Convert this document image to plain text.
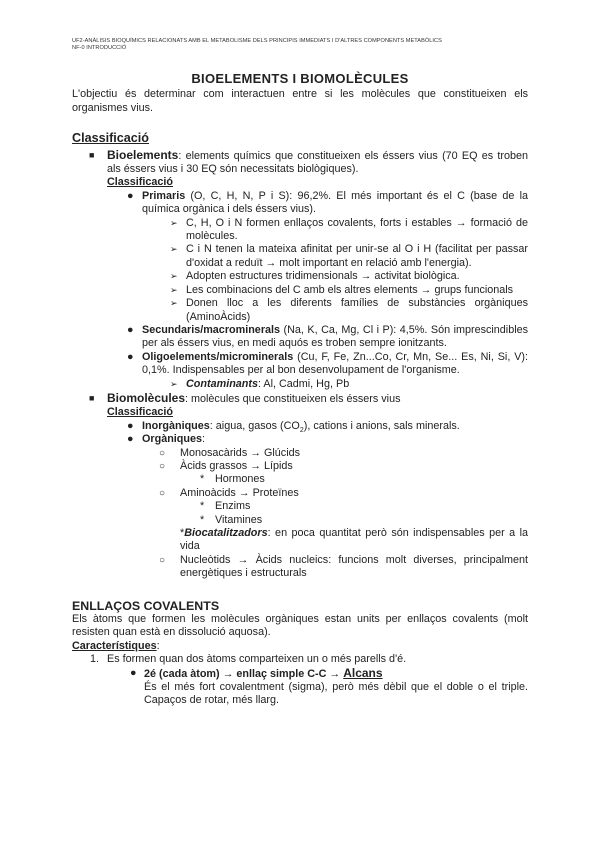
UF2-ANÀLISIS BIOQUÍMICS RELACIONATS AMB EL METABOLISME DELS PRINCIPIS IMMEDIATS I D'ALTRES COMPONENTS METABÒLICS
NF-0 INTRODUCCIÓ
BIOELEMENTS I BIOMOLÈCULES
L'objectiu és determinar com interactuen entre si les molècules que constitueixen els organismes vius.
Classificació
■ Bioelements: elements químics que constitueixen els éssers vius (70 EQ es troben als éssers vius i 30 EQ són necessitats biològiques).
Classificació
● Primaris (O, C, H, N, P i S): 96,2%. El més important és el C (base de la química orgànica i dels éssers vius).
➢ C, H, O i N formen enllaços covalents, forts i estables → formació de molècules.
➢ C i N tenen la mateixa afinitat per unir-se al O i H (facilitat per passar d'oxidat a reduït → molt important en relació amb l'energia).
➢ Adopten estructures tridimensionals → activitat biològica.
➢ Les combinacions del C amb els altres elements → grups funcionals
➢ Donen lloc a les diferents famílies de substàncies orgàniques (AminoÀcids)
● Secundaris/macrominerals (Na, K, Ca, Mg, Cl i P): 4,5%. Són imprescindibles per als éssers vius, en medi aquós es troben sempre ionitzants.
● Oligoelements/microminerals (Cu, F, Fe, Zn...Co, Cr, Mn, Se... Es, Ni, Si, V): 0,1%. Indispensables per al bon desenvolupament de l'organisme.
➢ Contaminants: Al, Cadmi, Hg, Pb
■ Biomolècules: molècules que constitueixen els éssers vius
Classificació
● Inorgàniques: aigua, gasos $(CO_2)$, cations i anions, sals minerals.
● Orgàniques:
○ Monosacàrids → Glúcids
○ Àcids grassos → Lípids
* Hormones
○ Aminoàcids → Proteïnes
* Enzims
* Vitamines
*Biocatalitzadors: en poca quantitat però són indispensables per a la vida
○ Nucleòtids → Àcids nucleics: funcions molt diverses, principalment energètiques i estructurals
ENLLAÇOS COVALENTS
Els àtoms que formen les molècules orgàniques estan units per enllaços covalents (molt resisten quan està en dissolució aquosa).
Característiques:
1. Es formen quan dos àtoms comparteixen un o més parells d'é.
● 2é (cada àtom) → enllaç simple C-C → Alcans
És el més fort covalentment (sigma), però més dèbil que el doble o el triple. Capaços de rotar, més llarg.
